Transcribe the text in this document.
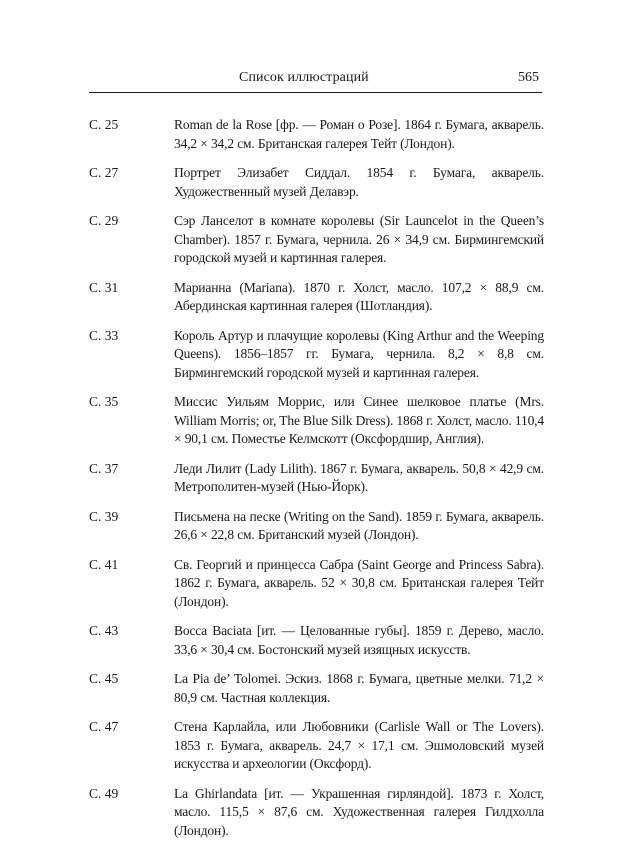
Список иллюстраций	565
С. 25	Roman de la Rose [фр. — Роман о Розе]. 1864 г. Бумага, акварель. 34,2 × 34,2 см. Британская галерея Тейт (Лондон).
С. 27	Портрет Элизабет Сиддал. 1854 г. Бумага, акварель. Художественный музей Делавэр.
С. 29	Сэр Ланселот в комнате королевы (Sir Launcelot in the Queen’s Chamber). 1857 г. Бумага, чернила. 26 × 34,9 см. Бирмингемский городской музей и картинная галерея.
С. 31	Марианна (Mariana). 1870 г. Холст, масло. 107,2 × 88,9 см. Абердинская картинная галерея (Шотландия).
С. 33	Король Артур и плачущие королевы (King Arthur and the Weeping Queens). 1856–1857 гг. Бумага, чернила. 8,2 × 8,8 см. Бирмингемский городской музей и картинная галерея.
С. 35	Миссис Уильям Моррис, или Синее шелковое платье (Mrs. William Morris; or, The Blue Silk Dress). 1868 г. Холст, масло. 110,4 × 90,1 см. Поместье Келмскотт (Оксфордшир, Англия).
С. 37	Леди Лилит (Lady Lilith). 1867 г. Бумага, акварель. 50,8 × 42,9 см. Метрополитен-музей (Нью-Йорк).
С. 39	Письмена на песке (Writing on the Sand). 1859 г. Бумага, акварель. 26,6 × 22,8 см. Британский музей (Лондон).
С. 41	Св. Георгий и принцесса Сабра (Saint George and Princess Sabra). 1862 г. Бумага, акварель. 52 × 30,8 см. Британская галерея Тейт (Лондон).
С. 43	Bocca Baciata [ит. — Целованные губы]. 1859 г. Дерево, масло. 33,6 × 30,4 см. Бостонский музей изящных искусств.
С. 45	La Pia de’ Tolomei. Эскиз. 1868 г. Бумага, цветные мелки. 71,2 × 80,9 см. Частная коллекция.
С. 47	Стена Карлайла, или Любовники (Carlisle Wall or The Lovers). 1853 г. Бумага, акварель. 24,7 × 17,1 см. Эшмоловский музей искусства и археологии (Оксфорд).
С. 49	La Ghirlandata [ит. — Украшенная гирляндой]. 1873 г. Холст, масло. 115,5 × 87,6 см. Художественная галерея Гилдхолла (Лондон).
